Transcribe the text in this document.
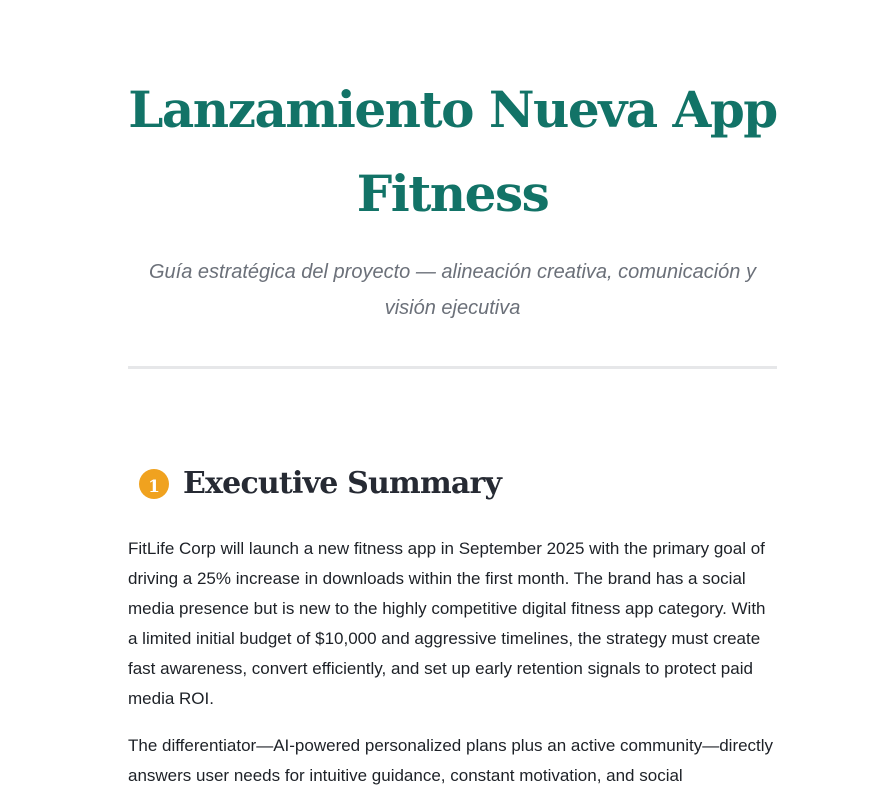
Lanzamiento Nueva App Fitness

Guía estratégica del proyecto — alineación creativa, comunicación y visión ejecutiva

1 Executive Summary

FitLife Corp will launch a new fitness app in September 2025 with the primary goal of driving a 25% increase in downloads within the first month. The brand has a social media presence but is new to the highly competitive digital fitness app category. With a limited initial budget of $10,000 and aggressive timelines, the strategy must create fast awareness, convert efficiently, and set up early retention signals to protect paid media ROI.

The differentiator—AI-powered personalized plans plus an active community—directly answers user needs for intuitive guidance, constant motivation, and social
